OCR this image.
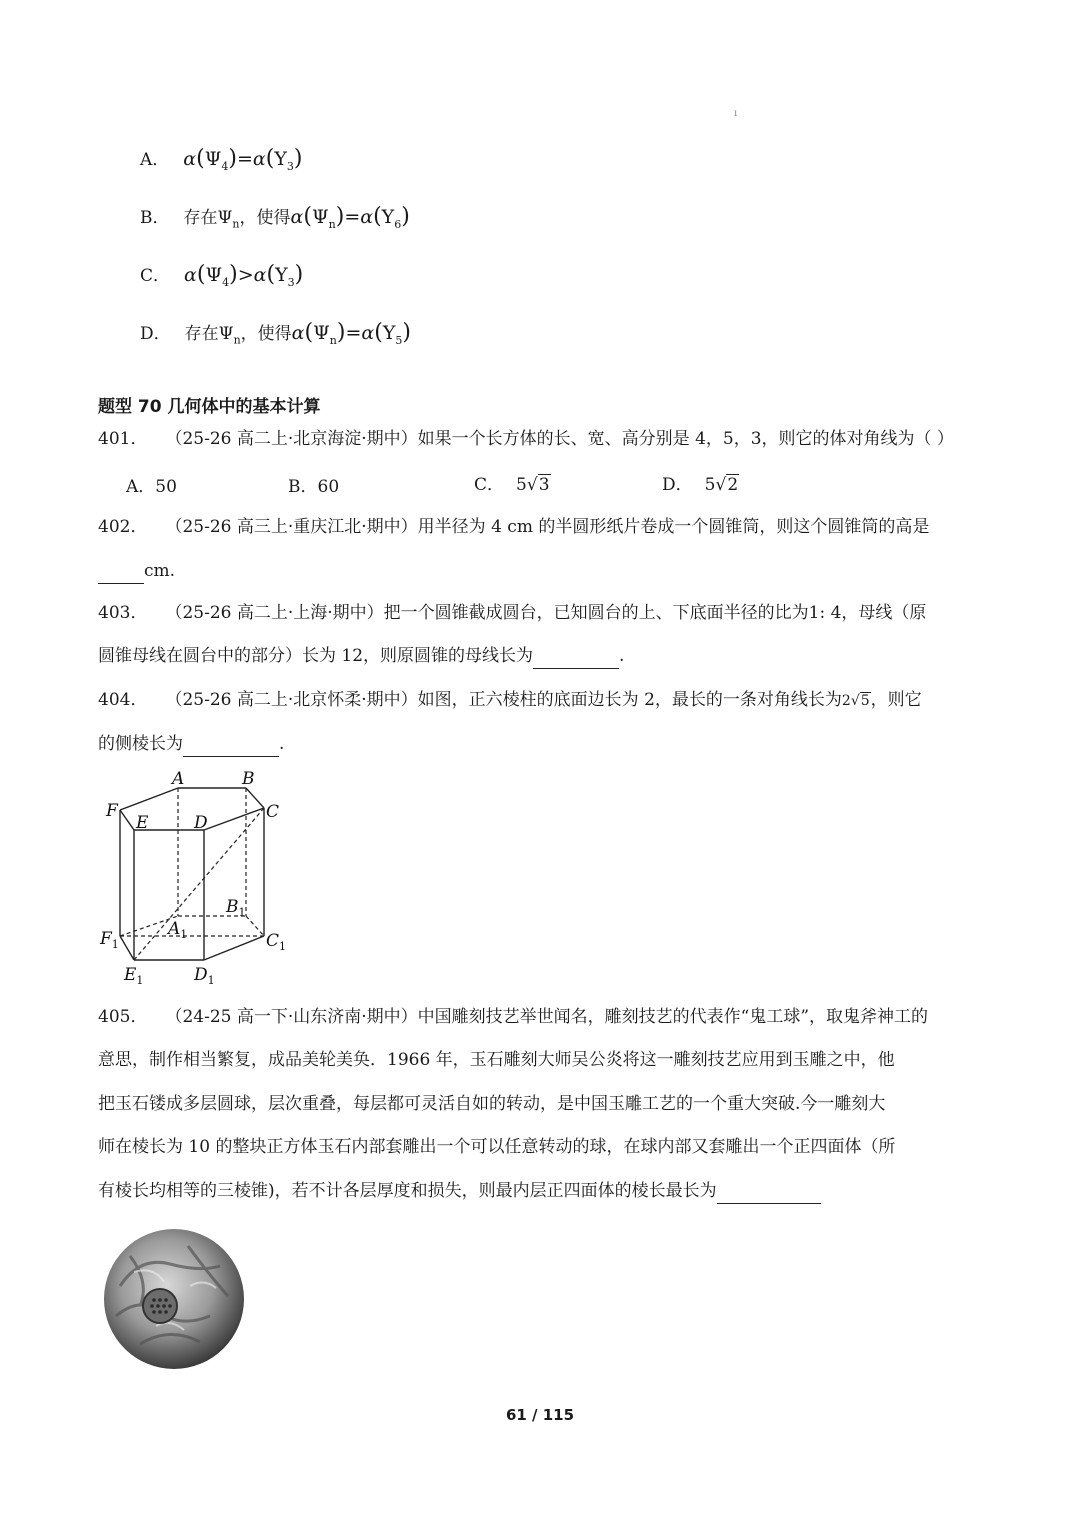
ı
A． $\alpha(\Psi_4)=\alpha(Y_3)$
B． 存在$\Psi_n$，使得$\alpha(\Psi_n)=\alpha(Y_6)$
C． $\alpha(\Psi_4)>\alpha(Y_3)$
D． 存在$\Psi_n$，使得$\alpha(\Psi_n)=\alpha(Y_5)$
题型 70 几何体中的基本计算
401． （25-26 高二上·北京海淀·期中）如果一个长方体的长、宽、高分别是 4，5，3，则它的体对角线为（ ）
A．50	B．60	C． 5√3	D． 5√2
402． （25-26 高三上·重庆江北·期中）用半径为 4 cm 的半圆形纸片卷成一个圆锥筒，则这个圆锥筒的高是
cm.
403． （25-26 高二上·上海·期中）把一个圆锥截成圆台，已知圆台的上、下底面半径的比为1: 4，母线（原
圆锥母线在圆台中的部分）长为 12，则原圆锥的母线长为	.
404． （25-26 高二上·北京怀柔·期中）如图，正六棱柱的底面边长为 2，最长的一条对角线长为2√5，则它
的侧棱长为	.
A	B
C
D
E
F
$B_1$
$A_1$	$C_1$
$F_1$
$E_1$	$D_1$
405． （24-25 高一下·山东济南·期中）中国雕刻技艺举世闻名，雕刻技艺的代表作“鬼工球”，取鬼斧神工的
意思，制作相当繁复，成品美轮美奂．1966 年，玉石雕刻大师吴公炎将这一雕刻技艺应用到玉雕之中，他
把玉石镂成多层圆球，层次重叠，每层都可灵活自如的转动，是中国玉雕工艺的一个重大突破.今一雕刻大
师在棱长为 10 的整块正方体玉石内部套雕出一个可以任意转动的球，在球内部又套雕出一个正四面体（所
有棱长均相等的三棱锥)，若不计各层厚度和损失，则最内层正四面体的棱长最长为
61 / 115
